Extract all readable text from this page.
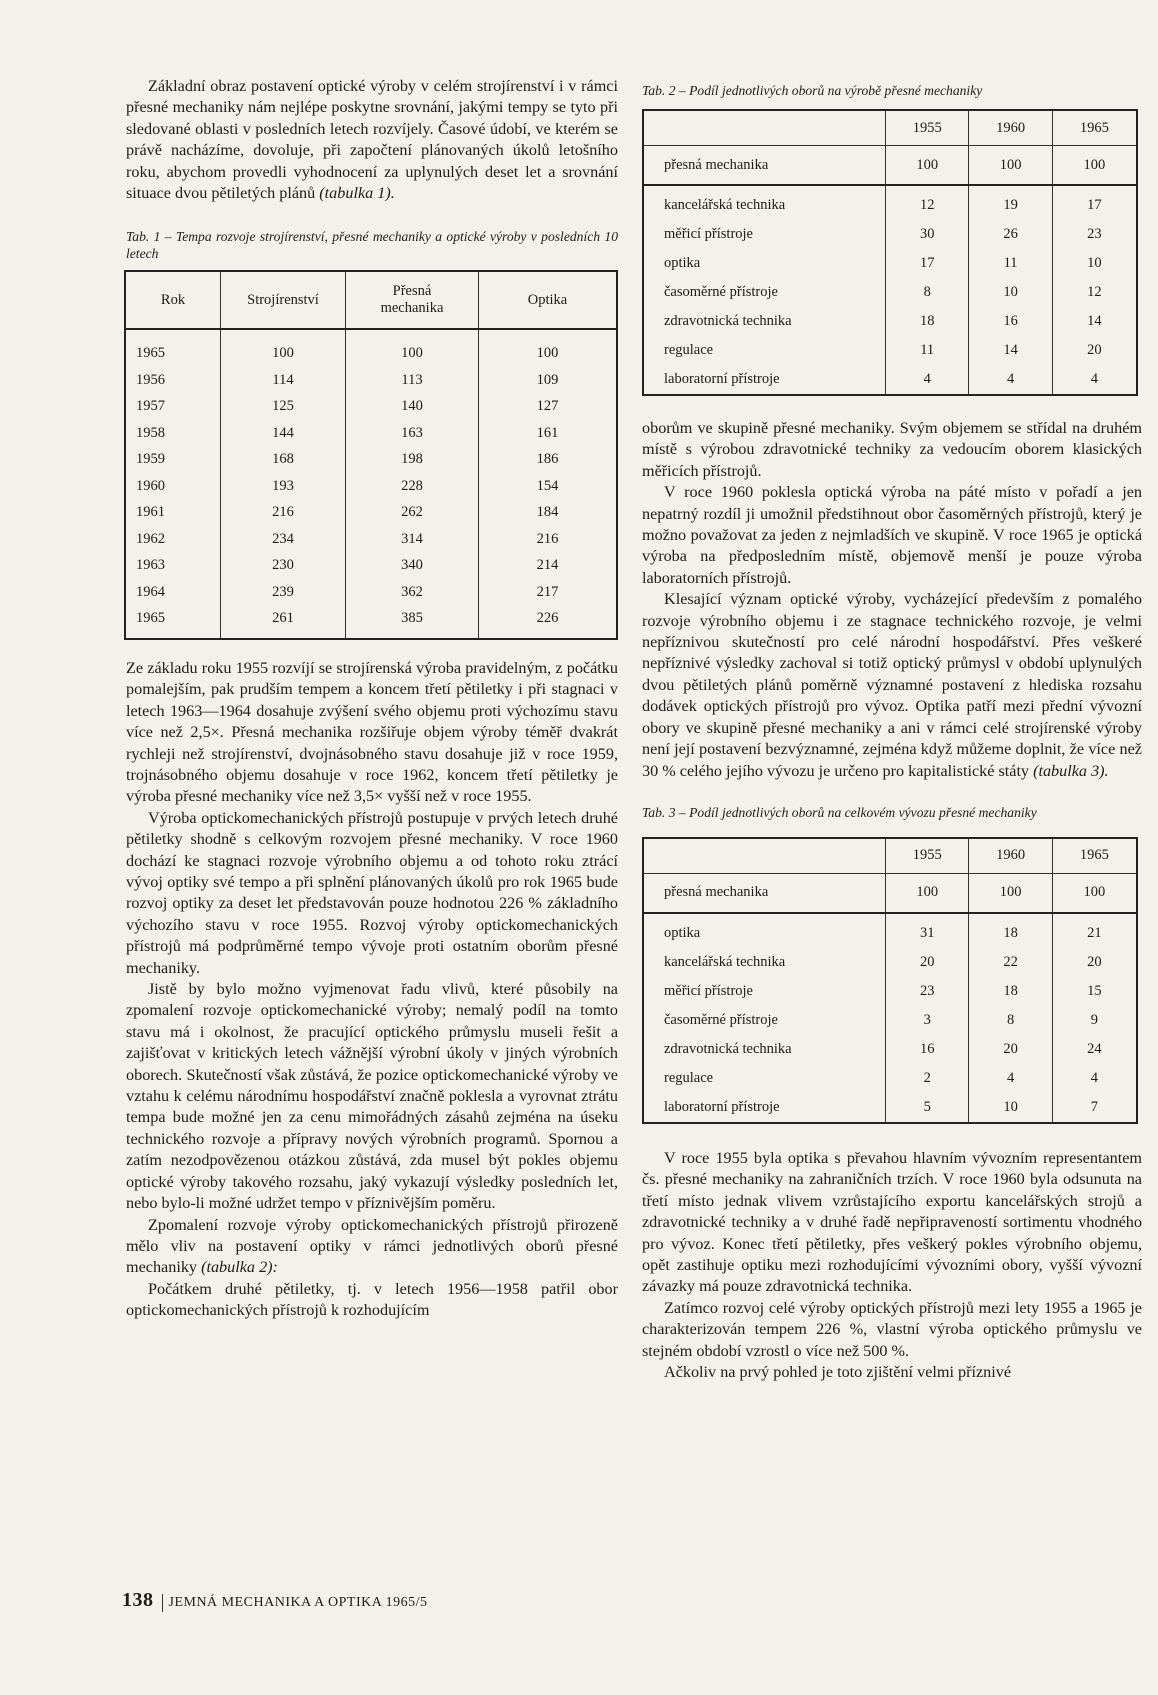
Základní obraz postavení optické výroby v celém strojírenství i v rámci přesné mechaniky nám nejlépe poskytne srovnání, jakými tempy se tyto při sledované oblasti v posledních letech rozvíjely. Časové údobí, ve kterém se právě nacházíme, dovoluje, při započtení plánovaných úkolů letošního roku, abychom provedli vyhodnocení za uplynulých deset let a srovnání situace dvou pětiletých plánů (tabulka 1).

Tab. 1 – Tempa rozvoje strojírenství, přesné mechaniky a optické výroby v posledních 10 letech

Rok	Strojírenství	Přesná mechanika	Optika
1965	100	100	100
1956	114	113	109
1957	125	140	127
1958	144	163	161
1959	168	198	186
1960	193	228	154
1961	216	262	184
1962	234	314	216
1963	230	340	214
1964	239	362	217
1965	261	385	226

Ze základu roku 1955 rozvíjí se strojírenská výroba pravidelným, z počátku pomalejším, pak prudším tempem a koncem třetí pětiletky i při stagnaci v letech 1963—1964 dosahuje zvýšení svého objemu proti výchozímu stavu více než 2,5×. Přesná mechanika rozšiřuje objem výroby téměř dvakrát rychleji než strojírenství, dvojnásobného stavu dosahuje již v roce 1959, trojnásobného objemu dosahuje v roce 1962, koncem třetí pětiletky je výroba přesné mechaniky více než 3,5× vyšší než v roce 1955.

Výroba optickomechanických přístrojů postupuje v prvých letech druhé pětiletky shodně s celkovým rozvojem přesné mechaniky. V roce 1960 dochází ke stagnaci rozvoje výrobního objemu a od tohoto roku ztrácí vývoj optiky své tempo a při splnění plánovaných úkolů pro rok 1965 bude rozvoj optiky za deset let představován pouze hodnotou 226 % základního výchozího stavu v roce 1955. Rozvoj výroby optickomechanických přístrojů má podprůměrné tempo vývoje proti ostatním oborům přesné mechaniky.

Jistě by bylo možno vyjmenovat řadu vlivů, které působily na zpomalení rozvoje optickomechanické výroby; nemalý podíl na tomto stavu má i okolnost, že pracující optického průmyslu museli řešit a zajišťovat v kritických letech vážnější výrobní úkoly v jiných výrobních oborech. Skutečností však zůstává, že pozice optickomechanické výroby ve vztahu k celému národnímu hospodářství značně poklesla a vyrovnat ztrátu tempa bude možné jen za cenu mimořádných zásahů zejména na úseku technického rozvoje a přípravy nových výrobních programů. Spornou a zatím nezodpovězenou otázkou zůstává, zda musel být pokles objemu optické výroby takového rozsahu, jaký vykazují výsledky posledních let, nebo bylo-li možné udržet tempo v příznivějším poměru.

Zpomalení rozvoje výroby optickomechanických přístrojů přirozeně mělo vliv na postavení optiky v rámci jednotlivých oborů přesné mechaniky (tabulka 2):

Počátkem druhé pětiletky, tj. v letech 1956—1958 patřil obor optickomechanických přístrojů k rozhodujícím

Tab. 2 – Podíl jednotlivých oborů na výrobě přesné mechaniky

	1955	1960	1965
přesná mechanika	100	100	100
kancelářská technika	12	19	17
měřicí přístroje	30	26	23
optika	17	11	10
časoměrné přístroje	8	10	12
zdravotnická technika	18	16	14
regulace	11	14	20
laboratorní přístroje	4	4	4

oborům ve skupině přesné mechaniky. Svým objemem se střídal na druhém místě s výrobou zdravotnické techniky za vedoucím oborem klasických měřicích přístrojů.

V roce 1960 poklesla optická výroba na páté místo v pořadí a jen nepatrný rozdíl ji umožnil předstihnout obor časoměrných přístrojů, který je možno považovat za jeden z nejmladších ve skupině. V roce 1965 je optická výroba na předposledním místě, objemově menší je pouze výroba laboratorních přístrojů.

Klesající význam optické výroby, vycházející především z pomalého rozvoje výrobního objemu i ze stagnace technického rozvoje, je velmi nepříznivou skutečností pro celé národní hospodářství. Přes veškeré nepříznivé výsledky zachoval si totiž optický průmysl v období uplynulých dvou pětiletých plánů poměrně významné postavení z hlediska rozsahu dodávek optických přístrojů pro vývoz. Optika patří mezi přední vývozní obory ve skupině přesné mechaniky a ani v rámci celé strojírenské výroby není její postavení bezvýznamné, zejména když můžeme doplnit, že více než 30 % celého jejího vývozu je určeno pro kapitalistické státy (tabulka 3).

Tab. 3 – Podíl jednotlivých oborů na celkovém vývozu přesné mechaniky

	1955	1960	1965
přesná mechanika	100	100	100
optika	31	18	21
kancelářská technika	20	22	20
měřicí přístroje	23	18	15
časoměrné přístroje	3	8	9
zdravotnická technika	16	20	24
regulace	2	4	4
laboratorní přístroje	5	10	7

V roce 1955 byla optika s převahou hlavním vývozním representantem čs. přesné mechaniky na zahraničních trzích. V roce 1960 byla odsunuta na třetí místo jednak vlivem vzrůstajícího exportu kancelářských strojů a zdravotnické techniky a v druhé řadě nepřipraveností sortimentu vhodného pro vývoz. Konec třetí pětiletky, přes veškerý pokles výrobního objemu, opět zastihuje optiku mezi rozhodujícími vývozními obory, vyšší vývozní závazky má pouze zdravotnická technika.

Zatímco rozvoj celé výroby optických přístrojů mezi lety 1955 a 1965 je charakterizován tempem 226 %, vlastní výroba optického průmyslu ve stejném období vzrostl o více než 500 %.

Ačkoliv na prvý pohled je toto zjištění velmi příznivé

138 JEMNÁ MECHANIKA A OPTIKA 1965/5
